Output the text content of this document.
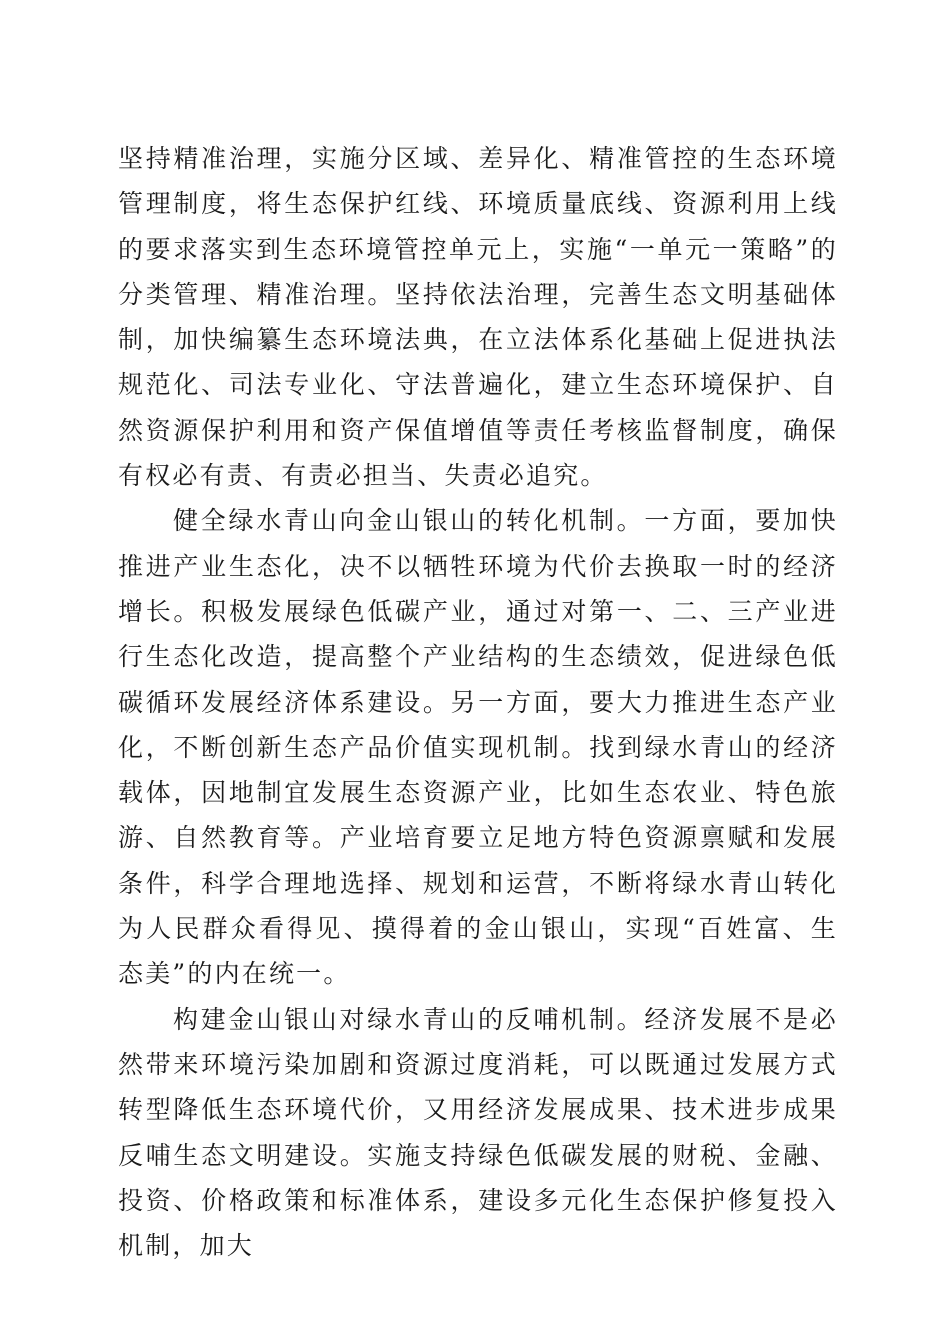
坚持精准治理，实施分区域、差异化、精准管控的生态环境管理制度，将生态保护红线、环境质量底线、资源利用上线的要求落实到生态环境管控单元上，实施“一单元一策略”的分类管理、精准治理。坚持依法治理，完善生态文明基础体制，加快编纂生态环境法典，在立法体系化基础上促进执法规范化、司法专业化、守法普遍化，建立生态环境保护、自然资源保护利用和资产保值增值等责任考核监督制度，确保有权必有责、有责必担当、失责必追究。

健全绿水青山向金山银山的转化机制。一方面，要加快推进产业生态化，决不以牺牲环境为代价去换取一时的经济增长。积极发展绿色低碳产业，通过对第一、二、三产业进行生态化改造，提高整个产业结构的生态绩效，促进绿色低碳循环发展经济体系建设。另一方面，要大力推进生态产业化，不断创新生态产品价值实现机制。找到绿水青山的经济载体，因地制宜发展生态资源产业，比如生态农业、特色旅游、自然教育等。产业培育要立足地方特色资源禀赋和发展条件，科学合理地选择、规划和运营，不断将绿水青山转化为人民群众看得见、摸得着的金山银山，实现“百姓富、生态美”的内在统一。

构建金山银山对绿水青山的反哺机制。经济发展不是必然带来环境污染加剧和资源过度消耗，可以既通过发展方式转型降低生态环境代价，又用经济发展成果、技术进步成果反哺生态文明建设。实施支持绿色低碳发展的财税、金融、投资、价格政策和标准体系，建设多元化生态保护修复投入机制，加大
